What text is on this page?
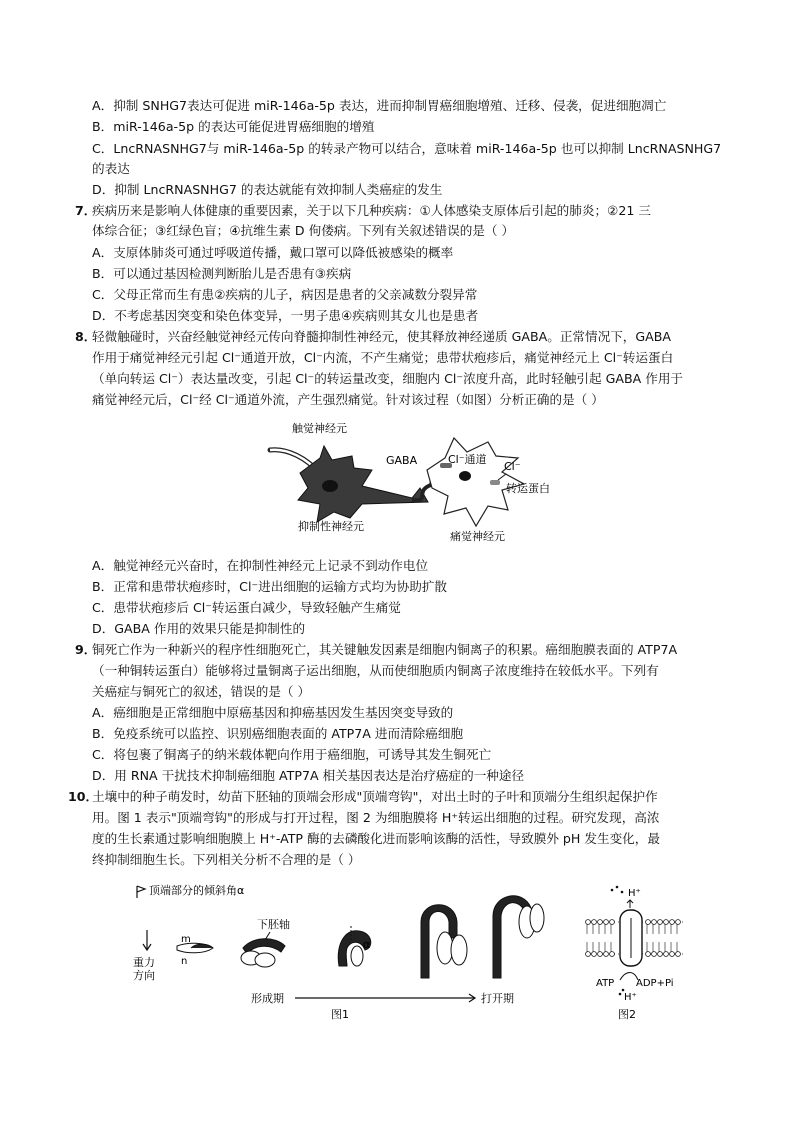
A．抑制 SNHG7表达可促进 miR-146a-5p 表达，进而抑制胃癌细胞增殖、迁移、侵袭，促进细胞凋亡
B．miR-146a-5p 的表达可能促进胃癌细胞的增殖
C．LncRNASNHG7与 miR-146a-5p 的转录产物可以结合，意味着 miR-146a-5p 也可以抑制 LncRNASNHG7
的表达
D．抑制 LncRNASNHG7 的表达就能有效抑制人类癌症的发生
7．
疾病历来是影响人体健康的重要因素，关于以下几种疾病：①人体感染支原体后引起的肺炎；②21 三
体综合征；③红绿色盲；④抗维生素 D 佝偻病。下列有关叙述错误的是（ ）
A．支原体肺炎可通过呼吸道传播，戴口罩可以降低被感染的概率
B．可以通过基因检测判断胎儿是否患有③疾病
C．父母正常而生有患②疾病的儿子，病因是患者的父亲减数分裂异常
D．不考虑基因突变和染色体变异，一男子患④疾病则其女儿也是患者
8．
轻微触碰时，兴奋经触觉神经元传向脊髓抑制性神经元，使其释放神经递质 GABA。正常情况下，GABA
作用于痛觉神经元引起 Cl⁻通道开放，Cl⁻内流，不产生痛觉；患带状疱疹后，痛觉神经元上 Cl⁻转运蛋白
（单向转运 Cl⁻）表达量改变，引起 Cl⁻的转运量改变，细胞内 Cl⁻浓度升高，此时轻触引起 GABA 作用于
痛觉神经元后，Cl⁻经 Cl⁻通道外流，产生强烈痛觉。针对该过程（如图）分析正确的是（ ）
触觉神经元
GABA	Cl⁻通道
Cl⁻
转运蛋白
抑制性神经元
痛觉神经元
A．触觉神经元兴奋时，在抑制性神经元上记录不到动作电位
B．正常和患带状疱疹时，Cl⁻进出细胞的运输方式均为协助扩散
C．患带状疱疹后 Cl⁻转运蛋白减少，导致轻触产生痛觉
D．GABA 作用的效果只能是抑制性的
9．
铜死亡作为一种新兴的程序性细胞死亡，其关键触发因素是细胞内铜离子的积累。癌细胞膜表面的 ATP7A
（一种铜转运蛋白）能够将过量铜离子运出细胞，从而使细胞质内铜离子浓度维持在较低水平。下列有
关癌症与铜死亡的叙述，错误的是（ ）
A．癌细胞是正常细胞中原癌基因和抑癌基因发生基因突变导致的
B．免疫系统可以监控、识别癌细胞表面的 ATP7A 进而清除癌细胞
C．将包裹了铜离子的纳米载体靶向作用于癌细胞，可诱导其发生铜死亡
D．用 RNA 干扰技术抑制癌细胞 ATP7A 相关基因表达是治疗癌症的一种途径
10．
土壤中的种子萌发时，幼苗下胚轴的顶端会形成"顶端弯钩"，对出土时的子叶和顶端分生组织起保护作
用。图 1 表示"顶端弯钩"的形成与打开过程，图 2 为细胞膜将 H⁺转运出细胞的过程。研究发现，高浓
度的生长素通过影响细胞膜上 H⁺-ATP 酶的去磷酸化进而影响该酶的活性，导致膜外 pH 发生变化，最
终抑制细胞生长。下列相关分析不合理的是（ ）
顶端部分的倾斜角α
重力
方向
m
n
下胚轴
α
形成期	打开期
图1
H⁺
ATP ADP+Pi
H⁺
图2
